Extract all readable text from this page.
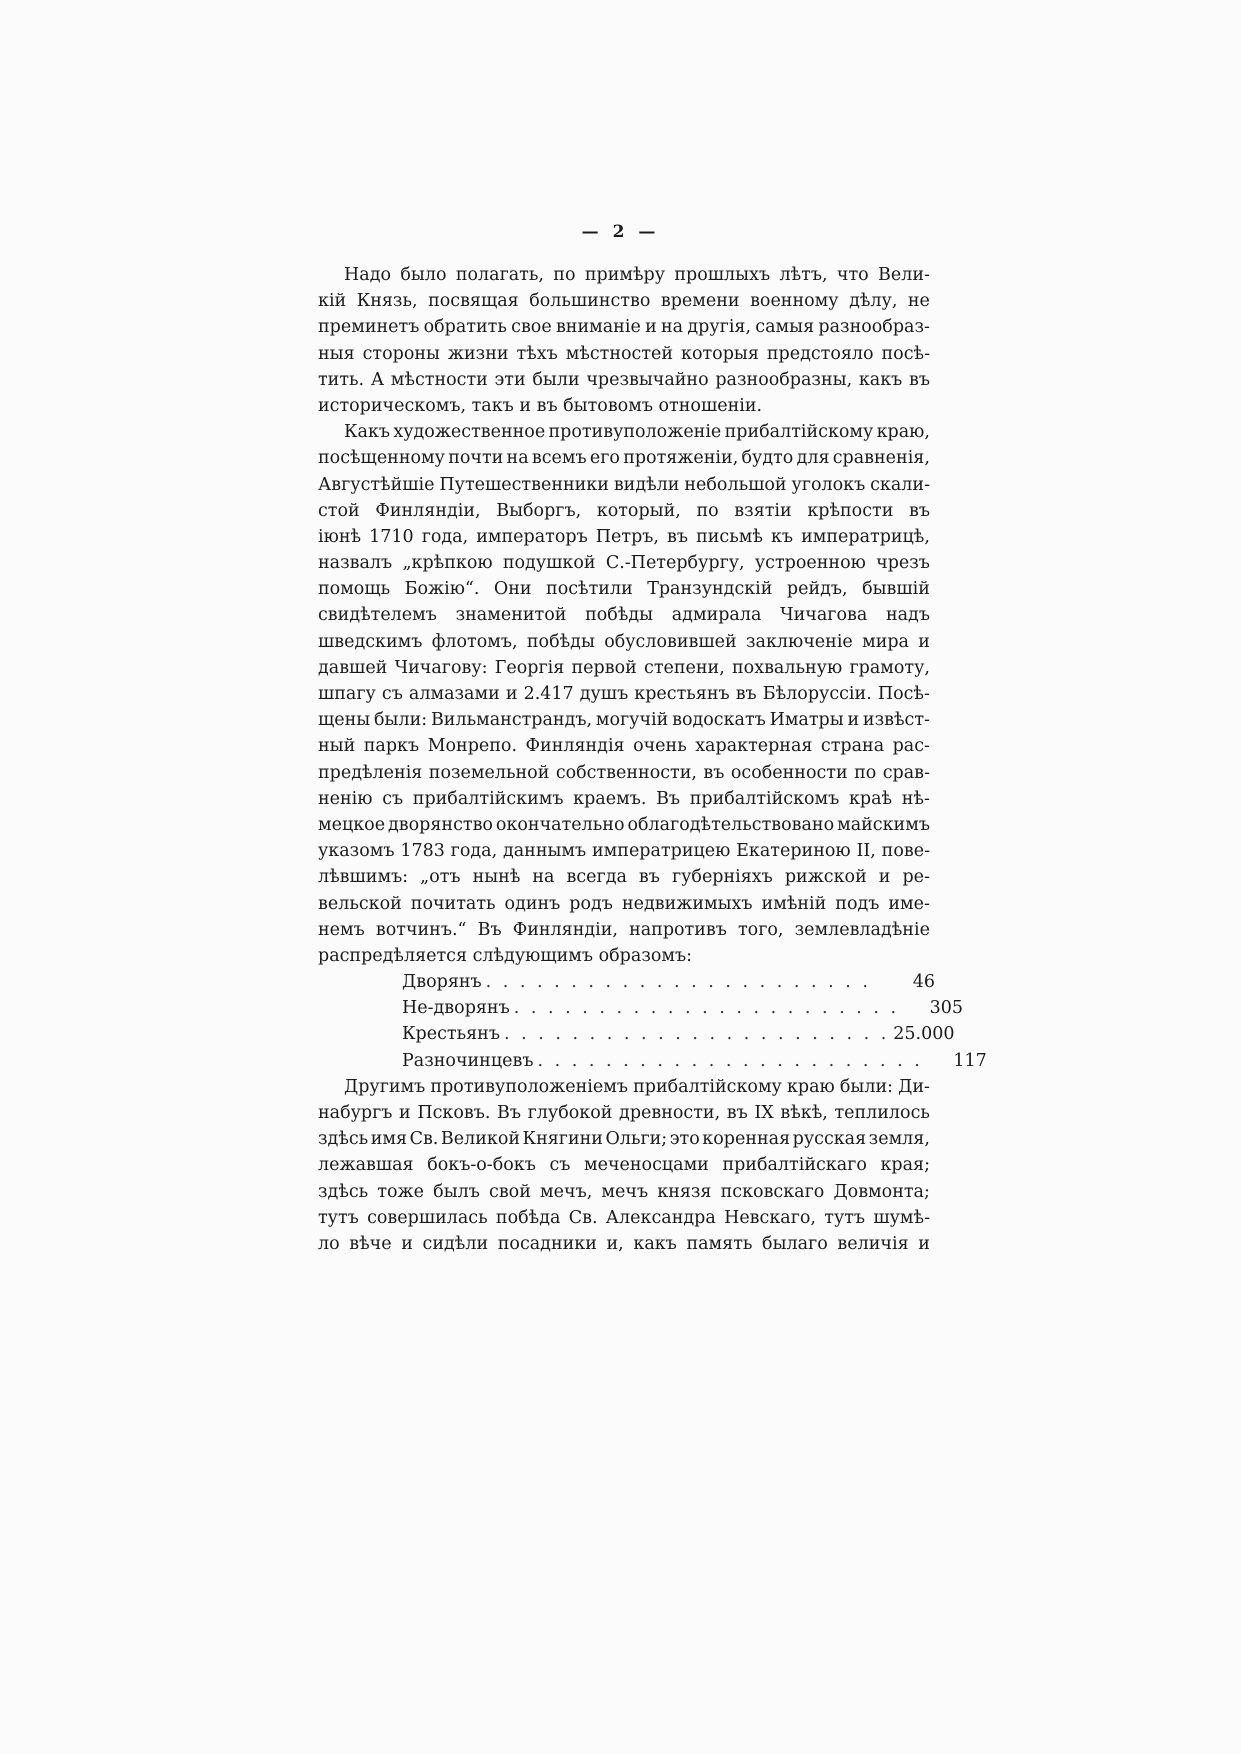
— 2 —
Надо было полагать, по примѣру прошлыхъ лѣтъ, что Вели-
кій Князь, посвящая большинство времени военному дѣлу, не
преминетъ обратить свое вниманіе и на другія, самыя разнообраз-
ныя стороны жизни тѣхъ мѣстностей которыя предстояло посѣ-
тить. А мѣстности эти были чрезвычайно разнообразны, какъ въ
историческомъ, такъ и въ бытовомъ отношеніи.
Какъ художественное противуположеніе прибалтійскому краю,
посѣщенному почти на всемъ его протяженіи, будто для сравненія,
Августѣйшіе Путешественники видѣли небольшой уголокъ скали-
стой Финляндіи, Выборгъ, который, по взятіи крѣпости въ
іюнѣ 1710 года, императоръ Петръ, въ письмѣ къ императрицѣ,
назвалъ „крѣпкою подушкой С.-Петербургу, устроенною чрезъ
помощь Божію“. Они посѣтили Транзундскій рейдъ, бывшій
свидѣтелемъ знаменитой побѣды адмирала Чичагова надъ
шведскимъ флотомъ, побѣды обусловившей заключеніе мира и
давшей Чичагову: Георгія первой степени, похвальную грамоту,
шпагу съ алмазами и 2.417 душъ крестьянъ въ Бѣлоруссіи. Посѣ-
щены были: Вильманстрандъ, могучій водоскатъ Иматры и извѣст-
ный паркъ Монрепо. Финляндія очень характерная страна рас-
предѣленія поземельной собственности, въ особенности по срав-
ненію съ прибалтійскимъ краемъ. Въ прибалтійскомъ краѣ нѣ-
мецкое дворянство окончательно облагодѣтельствовано майскимъ
указомъ 1783 года, даннымъ императрицею Екатериною II, пове-
лѣвшимъ: „отъ нынѣ на всегда въ губерніяхъ рижской и ре-
вельской почитать одинъ родъ недвижимыхъ имѣній подъ име-
немъ вотчинъ.“ Въ Финляндіи, напротивъ того, землевладѣніе
распредѣляется слѣдующимъ образомъ:
Дворянъ . . . . . . . . . . . . . . . . . . . . . . .	46
Не-дворянъ . . . . . . . . . . . . . . . . . . . . . . .	305
Крестьянъ . . . . . . . . . . . . . . . . . . . . . . . 25.000
Разночинцевъ . . . . . . . . . . . . . . . . . . . . . . .	117
Другимъ противуположеніемъ прибалтійскому краю были: Ди-
набургъ и Псковъ. Въ глубокой древности, въ IX вѣкѣ, теплилось
здѣсь имя Св. Великой Княгини Ольги; это коренная русская земля,
лежавшая бокъ-о-бокъ съ меченосцами прибалтійскаго края;
здѣсь тоже былъ свой мечъ, мечъ князя псковскаго Довмонта;
тутъ совершилась побѣда Св. Александра Невскаго, тутъ шумѣ-
ло вѣче и сидѣли посадники и, какъ память былаго величія и
